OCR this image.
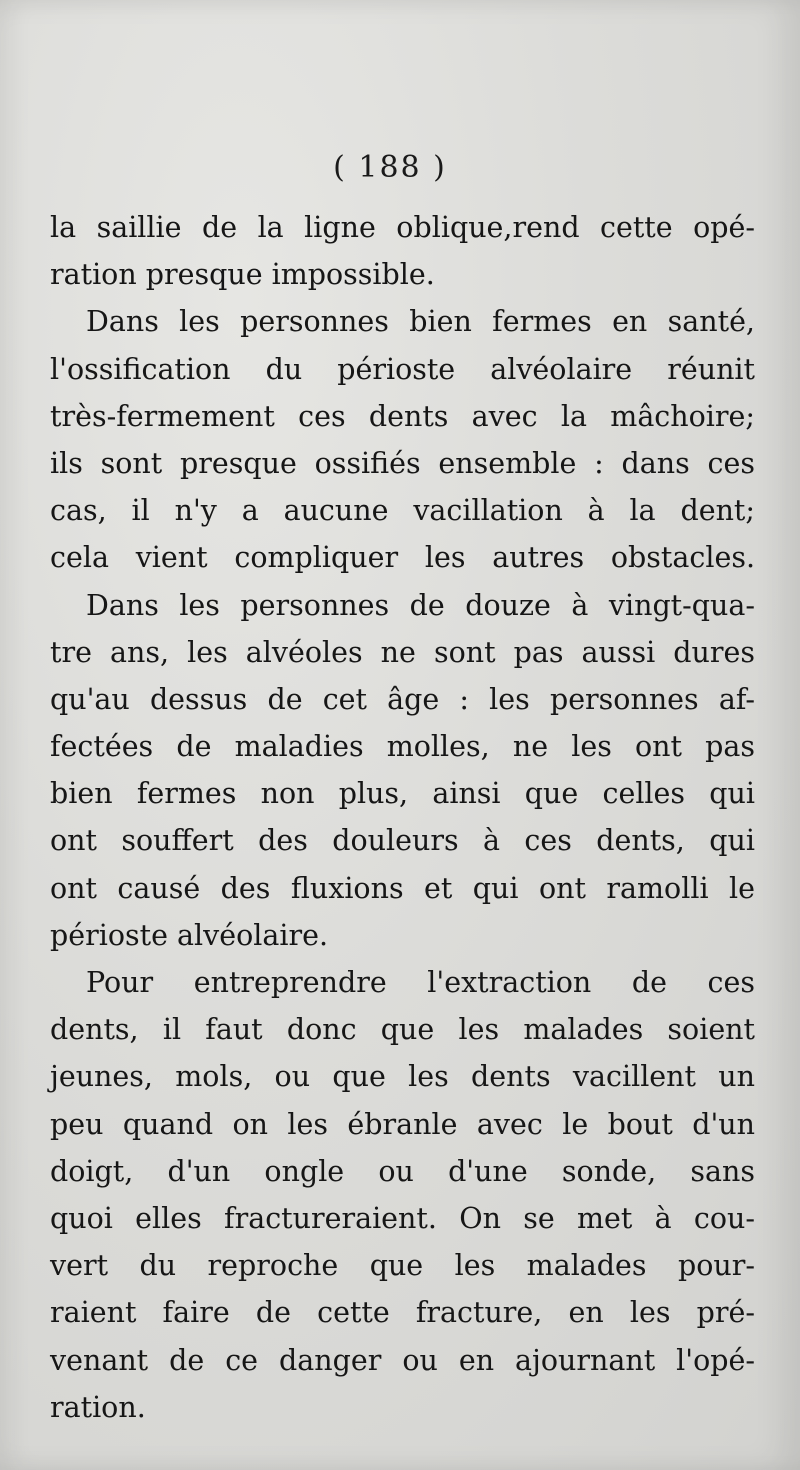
( 188 )
la saillie de la ligne oblique,rend cette opé-
ration presque impossible.
Dans les personnes bien fermes en santé,
l'ossification du périoste alvéolaire réunit
très-fermement ces dents avec la mâchoire;
ils sont presque ossifiés ensemble : dans ces
cas, il n'y a aucune vacillation à la dent;
cela vient compliquer les autres obstacles.
Dans les personnes de douze à vingt-qua-
tre ans, les alvéoles ne sont pas aussi dures
qu'au dessus de cet âge : les personnes af-
fectées de maladies molles, ne les ont pas
bien fermes non plus, ainsi que celles qui
ont souffert des douleurs à ces dents, qui
ont causé des fluxions et qui ont ramolli le
périoste alvéolaire.
Pour entreprendre l'extraction de ces
dents, il faut donc que les malades soient
jeunes, mols, ou que les dents vacillent un
peu quand on les ébranle avec le bout d'un
doigt, d'un ongle ou d'une sonde, sans
quoi elles fractureraient. On se met à cou-
vert du reproche que les malades pour-
raient faire de cette fracture, en les pré-
venant de ce danger ou en ajournant l'opé-
ration.
